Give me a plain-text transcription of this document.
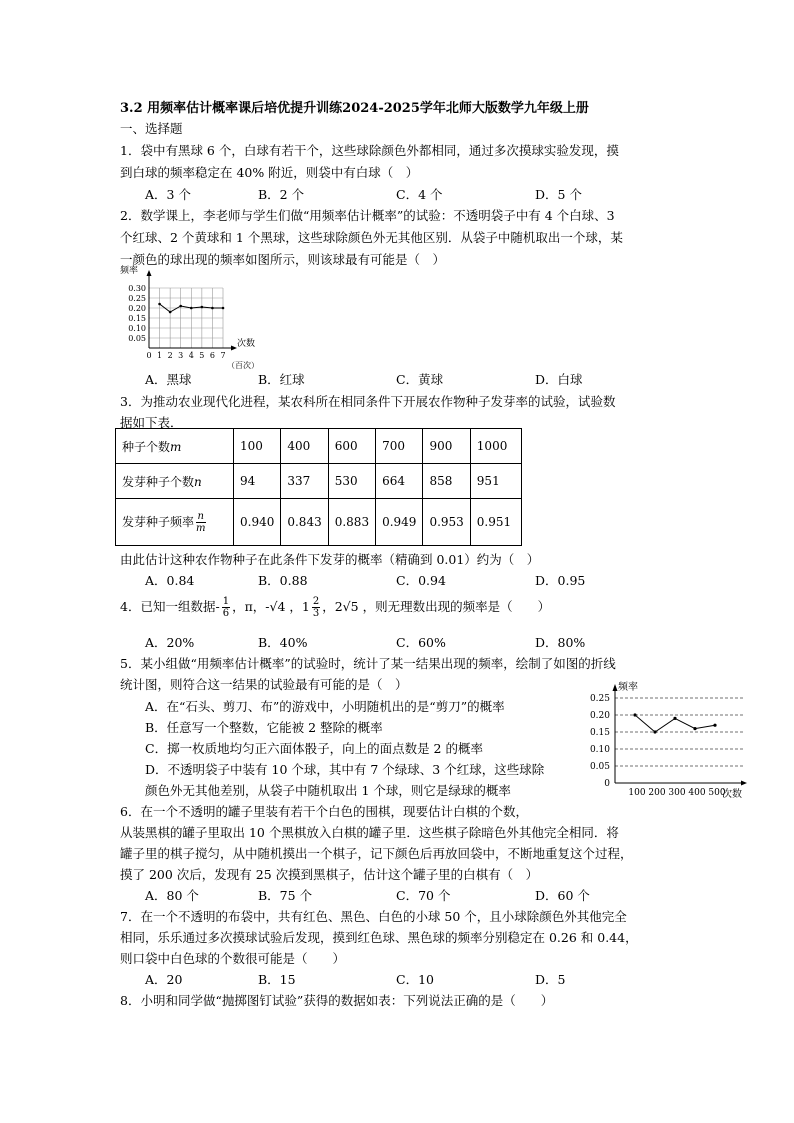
3.2 用频率估计概率课后培优提升训练2024-2025学年北师大版数学九年级上册
一、选择题
1．袋中有黑球 6 个，白球有若干个，这些球除颜色外都相同，通过多次摸球实验发现，摸
到白球的频率稳定在 40% 附近，则袋中有白球（　）
A．3 个	B．2 个	C．4 个	D．5 个
2．数学课上，李老师与学生们做“用频率估计概率”的试验：不透明袋子中有 4 个白球、3
个红球、2 个黄球和 1 个黑球，这些球除颜色外无其他区别．从袋子中随机取出一个球，某
一颜色的球出现的频率如图所示，则该球最有可能是（　）
频率
次数
（百次）
0.30
0.25
0.20
0.15
0.10
0.05
0 1 2 3 4 5 6 7
A．黑球	B．红球	C．黄球	D．白球
3．为推动农业现代化进程，某农科所在相同条件下开展农作物种子发芽率的试验，试验数
据如下表．
种子个数m	100	400	600	700	900	1000
发芽种子个数n	94	337	530	664	858	951
发芽种子频率 $\frac{n}{m}$	0.940	0.843	0.883	0.949	0.953	0.951
由此估计这种农作物种子在此条件下发芽的概率（精确到 0.01）约为（　）
A．0.84	B．0.88	C．0.94	D．0.95
4．已知一组数据- $\frac{1}{6}$ ，π，-√4 ，$1 \frac{2}{3}$ ，2√5 ，则无理数出现的频率是（　　）
A．20%	B．40%	C．60%	D．80%
5．某小组做“用频率估计概率”的试验时，统计了某一结果出现的频率，绘制了如图的折线
统计图，则符合这一结果的试验最有可能的是（　）
A．在“石头、剪刀、布”的游戏中，小明随机出的是“剪刀”的概率
B．任意写一个整数，它能被 2 整除的概率
C．掷一枚质地均匀正六面体骰子，向上的面点数是 2 的概率
D．不透明袋子中装有 10 个球，其中有 7 个绿球、3 个红球，这些球除
颜色外无其他差别，从袋子中随机取出 1 个球，则它是绿球的概率
频率
次数
0.25
0.20
0.15
0.10
0.05
0
100 200 300 400 500
6．在一个不透明的罐子里装有若干个白色的围棋，现要估计白棋的个数，
从装黑棋的罐子里取出 10 个黑棋放入白棋的罐子里．这些棋子除暗色外其他完全相同．将
罐子里的棋子搅匀，从中随机摸出一个棋子，记下颜色后再放回袋中，不断地重复这个过程，
摸了 200 次后，发现有 25 次摸到黑棋子，估计这个罐子里的白棋有（　）
A．80 个	B．75 个	C．70 个	D．60 个
7．在一个不透明的布袋中，共有红色、黑色、白色的小球 50 个，且小球除颜色外其他完全
相同，乐乐通过多次摸球试验后发现，摸到红色球、黑色球的频率分别稳定在 0.26 和 0.44，
则口袋中白色球的个数很可能是（　　）
A．20	B．15	C．10	D．5
8．小明和同学做“抛掷图钉试验”获得的数据如表：下列说法正确的是（　　）
